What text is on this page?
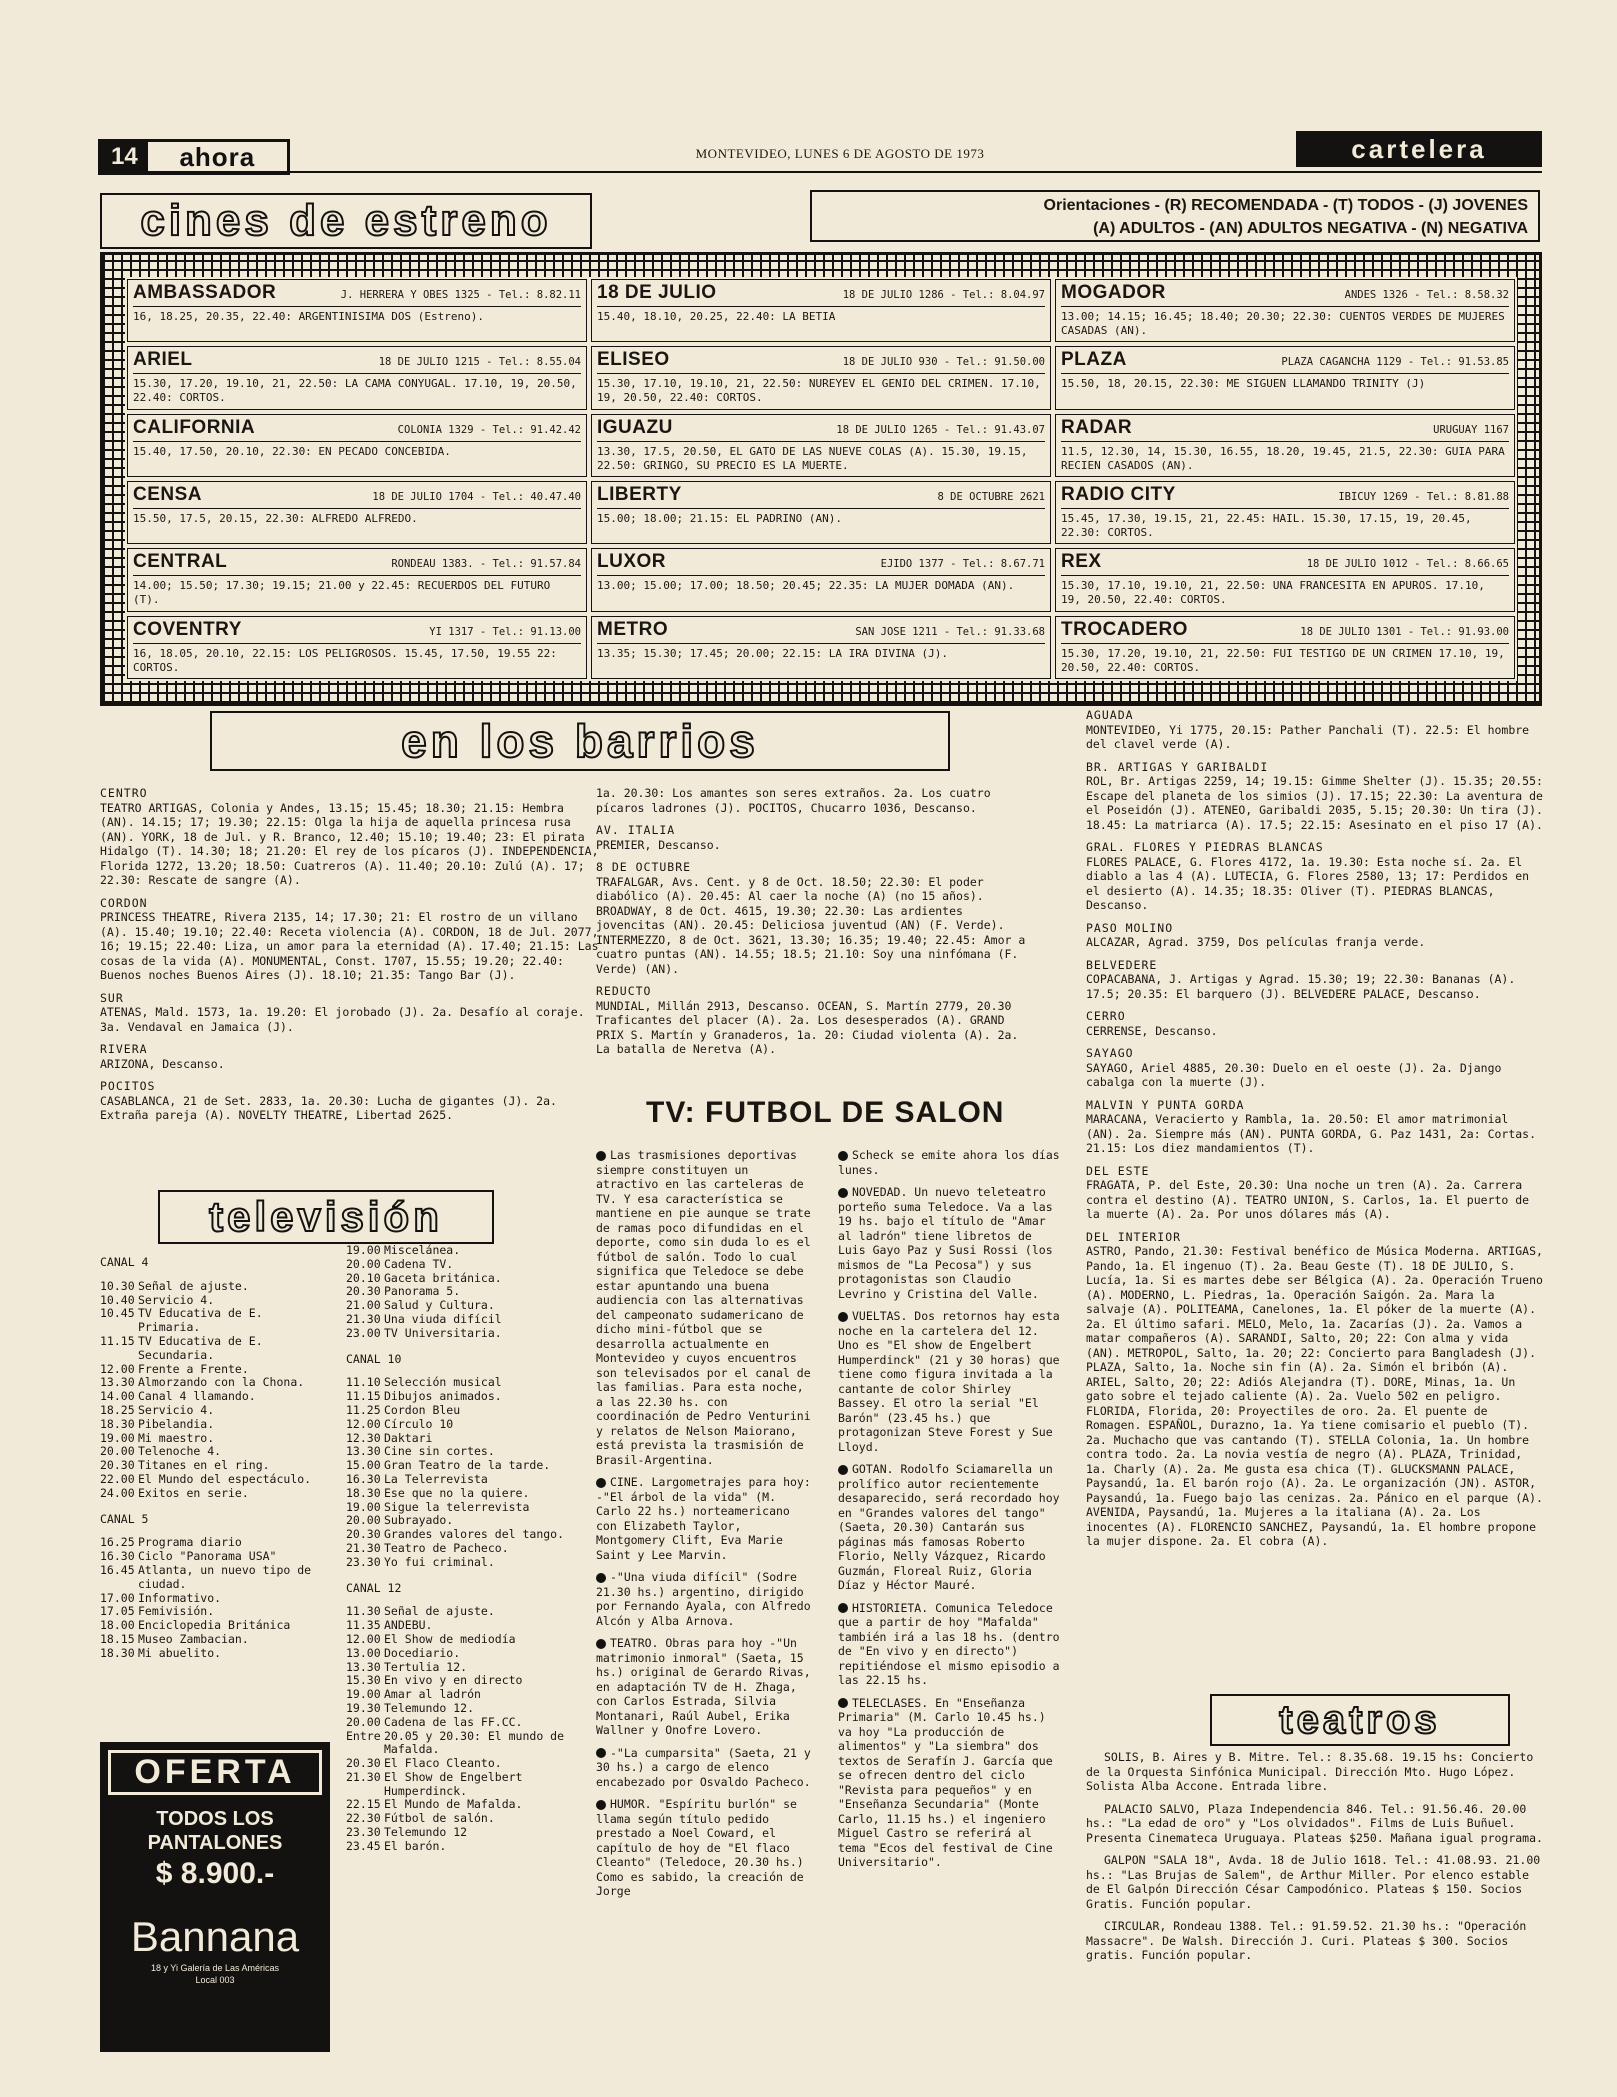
14	ahora	MONTEVIDEO, LUNES 6 DE AGOSTO DE 1973	cartelera
cines de estreno	Orientaciones - (R) RECOMENDADA - (T) TODOS - (J) JOVENES
(A) ADULTOS - (AN) ADULTOS NEGATIVA - (N) NEGATIVA
AMBASSADOR	J. HERRERA Y OBES 1325 - Tel.: 8.82.11
16, 18.25, 20.35, 22.40: ARGENTINISIMA DOS (Estreno).
18 DE JULIO	18 DE JULIO 1286 - Tel.: 8.04.97
15.40, 18.10, 20.25, 22.40: LA BETIA
MOGADOR	ANDES 1326 - Tel.: 8.58.32
13.00; 14.15; 16.45; 18.40; 20.30; 22.30: CUENTOS VERDES DE MUJERES CASADAS (AN).
ARIEL	18 DE JULIO 1215 - Tel.: 8.55.04
15.30, 17.20, 19.10, 21, 22.50: LA CAMA CONYUGAL. 17.10, 19, 20.50, 22.40: CORTOS.
ELISEO	18 DE JULIO 930 - Tel.: 91.50.00
15.30, 17.10, 19.10, 21, 22.50: NUREYEV EL GENIO DEL CRIMEN. 17.10, 19, 20.50, 22.40: CORTOS.
PLAZA	PLAZA CAGANCHA 1129 - Tel.: 91.53.85
15.50, 18, 20.15, 22.30: ME SIGUEN LLAMANDO TRINITY (J)
CALIFORNIA	COLONIA 1329 - Tel.: 91.42.42
15.40, 17.50, 20.10, 22.30: EN PECADO CONCEBIDA.
IGUAZU	18 DE JULIO 1265 - Tel.: 91.43.07
13.30, 17.5, 20.50, EL GATO DE LAS NUEVE COLAS (A). 15.30, 19.15, 22.50: GRINGO, SU PRECIO ES LA MUERTE.
RADAR	URUGUAY 1167
11.5, 12.30, 14, 15.30, 16.55, 18.20, 19.45, 21.5, 22.30: GUIA PARA RECIEN CASADOS (AN).
CENSA	18 DE JULIO 1704 - Tel.: 40.47.40
15.50, 17.5, 20.15, 22.30: ALFREDO ALFREDO.
LIBERTY	8 DE OCTUBRE 2621
15.00; 18.00; 21.15: EL PADRINO (AN).
RADIO CITY	IBICUY 1269 - Tel.: 8.81.88
15.45, 17.30, 19.15, 21, 22.45: HAIL. 15.30, 17.15, 19, 20.45, 22.30: CORTOS.
CENTRAL	RONDEAU 1383. - Tel.: 91.57.84
14.00; 15.50; 17.30; 19.15; 21.00 y 22.45: RECUERDOS DEL FUTURO (T).
LUXOR	EJIDO 1377 - Tel.: 8.67.71
13.00; 15.00; 17.00; 18.50; 20.45; 22.35: LA MUJER DOMADA (AN).
REX	18 DE JULIO 1012 - Tel.: 8.66.65
15.30, 17.10, 19.10, 21, 22.50: UNA FRANCESITA EN APUROS. 17.10, 19, 20.50, 22.40: CORTOS.
COVENTRY	YI 1317 - Tel.: 91.13.00
16, 18.05, 20.10, 22.15: LOS PELIGROSOS. 15.45, 17.50, 19.55 22: CORTOS.
METRO	SAN JOSE 1211 - Tel.: 91.33.68
13.35; 15.30; 17.45; 20.00; 22.15: LA IRA DIVINA (J).
TROCADERO	18 DE JULIO 1301 - Tel.: 91.93.00
15.30, 17.20, 19.10, 21, 22.50: FUI TESTIGO DE UN CRIMEN 17.10, 19, 20.50, 22.40: CORTOS.
en los barrios

CENTRO
TEATRO ARTIGAS, Colonia y Andes, 13.15; 15.45; 18.30; 21.15: Hembra (AN). 14.15; 17; 19.30; 22.15: Olga la hija de aquella princesa rusa (AN). YORK, 18 de Jul. y R. Branco, 12.40; 15.10; 19.40; 23: El pirata Hidalgo (T). 14.30; 18; 21.20: El rey de los pícaros (J). INDEPENDENCIA, Florida 1272, 13.20; 18.50: Cuatreros (A). 11.40; 20.10: Zulú (A). 17; 22.30: Rescate de sangre (A).

CORDON
PRINCESS THEATRE, Rivera 2135, 14; 17.30; 21: El rostro de un villano (A). 15.40; 19.10; 22.40: Receta violencia (A). CORDON, 18 de Jul. 2077, 16; 19.15; 22.40: Liza, un amor para la eternidad (A). 17.40; 21.15: Las cosas de la vida (A). MONUMENTAL, Const. 1707, 15.55; 19.20; 22.40: Buenos noches Buenos Aires (J). 18.10; 21.35: Tango Bar (J).

SUR
ATENAS, Mald. 1573, 1a. 19.20: El jorobado (J). 2a. Desafío al coraje. 3a. Vendaval en Jamaica (J).

RIVERA
ARIZONA, Descanso.

POCITOS
CASABLANCA, 21 de Set. 2833, 1a. 20.30: Lucha de gigantes (J). 2a. Extraña pareja (A). NOVELTY THEATRE, Libertad 2625.

1a. 20.30: Los amantes son seres extraños. 2a. Los cuatro pícaros ladrones (J). POCITOS, Chucarro 1036, Descanso.

AV. ITALIA
PREMIER, Descanso.

8 DE OCTUBRE
TRAFALGAR, Avs. Cent. y 8 de Oct. 18.50; 22.30: El poder diabólico (A). 20.45: Al caer la noche (A) (no 15 años). BROADWAY, 8 de Oct. 4615, 19.30; 22.30: Las ardientes jovencitas (AN). 20.45: Deliciosa juventud (AN) (F. Verde). INTERMEZZO, 8 de Oct. 3621, 13.30; 16.35; 19.40; 22.45: Amor a cuatro puntas (AN). 14.55; 18.5; 21.10: Soy una ninfómana (F. Verde) (AN).

REDUCTO
MUNDIAL, Millán 2913, Descanso. OCEAN, S. Martín 2779, 20.30 Traficantes del placer (A). 2a. Los desesperados (A). GRAND PRIX S. Martín y Granaderos, 1a. 20: Ciudad violenta (A). 2a. La batalla de Neretva (A).

AGUADA
MONTEVIDEO, Yi 1775, 20.15: Pather Panchali (T). 22.5: El hombre del clavel verde (A).

BR. ARTIGAS Y GARIBALDI
ROL, Br. Artigas 2259, 14; 19.15: Gimme Shelter (J). 15.35; 20.55: Escape del planeta de los simios (J). 17.15; 22.30: La aventura de el Poseidón (J). ATENEO, Garibaldi 2035, 5.15; 20.30: Un tira (J). 18.45: La matriarca (A). 17.5; 22.15: Asesinato en el piso 17 (A).

GRAL. FLORES Y PIEDRAS BLANCAS
FLORES PALACE, G. Flores 4172, 1a. 19.30: Esta noche sí. 2a. El diablo a las 4 (A). LUTECIA, G. Flores 2580, 13; 17: Perdidos en el desierto (A). 14.35; 18.35: Oliver (T). PIEDRAS BLANCAS, Descanso.

PASO MOLINO
ALCAZAR, Agrad. 3759, Dos películas franja verde.

BELVEDERE
COPACABANA, J. Artigas y Agrad. 15.30; 19; 22.30: Bananas (A). 17.5; 20.35: El barquero (J). BELVEDERE PALACE, Descanso.

CERRO
CERRENSE, Descanso.

SAYAGO
SAYAGO, Ariel 4885, 20.30: Duelo en el oeste (J). 2a. Django cabalga con la muerte (J).

MALVIN Y PUNTA GORDA
MARACANA, Veracierto y Rambla, 1a. 20.50: El amor matrimonial (AN). 2a. Siempre más (AN). PUNTA GORDA, G. Paz 1431, 2a: Cortas. 21.15: Los diez mandamientos (T).

DEL ESTE
FRAGATA, P. del Este, 20.30: Una noche un tren (A). 2a. Carrera contra el destino (A). TEATRO UNION, S. Carlos, 1a. El puerto de la muerte (A). 2a. Por unos dólares más (A).

DEL INTERIOR
ASTRO, Pando, 21.30: Festival benéfico de Música Moderna. ARTIGAS, Pando, 1a. El ingenuo (T). 2a. Beau Geste (T). 18 DE JULIO, S. Lucía, 1a. Si es martes debe ser Bélgica (A). 2a. Operación Trueno (A). MODERNO, L. Piedras, 1a. Operación Saigón. 2a. Mara la salvaje (A). POLITEAMA, Canelones, 1a. El póker de la muerte (A). 2a. El último safari. MELO, Melo, 1a. Zacarías (J). 2a. Vamos a matar compañeros (A). SARANDI, Salto, 20; 22: Con alma y vida (AN). METROPOL, Salto, 1a. 20; 22: Concierto para Bangladesh (J). PLAZA, Salto, 1a. Noche sin fin (A). 2a. Simón el bribón (A). ARIEL, Salto, 20; 22: Adiós Alejandra (T). DORE, Minas, 1a. Un gato sobre el tejado caliente (A). 2a. Vuelo 502 en peligro. FLORIDA, Florida, 20: Proyectiles de oro. 2a. El puente de Romagen. ESPAÑOL, Durazno, 1a. Ya tiene comisario el pueblo (T). 2a. Muchacho que vas cantando (T). STELLA Colonia, 1a. Un hombre contra todo. 2a. La novia vestía de negro (A). PLAZA, Trinidad, 1a. Charly (A). 2a. Me gusta esa chica (T). GLUCKSMANN PALACE, Paysandú, 1a. El barón rojo (A). 2a. Le organización (JN). ASTOR, Paysandú, 1a. Fuego bajo las cenizas. 2a. Pánico en el parque (A). AVENIDA, Paysandú, 1a. Mujeres a la italiana (A). 2a. Los inocentes (A). FLORENCIO SANCHEZ, Paysandú, 1a. El hombre propone la mujer dispone. 2a. El cobra (A).

TV: FUTBOL DE SALON

Las trasmisiones deportivas siempre constituyen un atractivo en las carteleras de TV. Y esa característica se mantiene en pie aunque se trate de ramas poco difundidas en el deporte, como sin duda lo es el fútbol de salón. Todo lo cual significa que Teledoce se debe estar apuntando una buena audiencia con las alternativas del campeonato sudamericano de dicho mini-fútbol que se desarrolla actualmente en Montevideo y cuyos encuentros son televisados por el canal de las familias. Para esta noche, a las 22.30 hs. con coordinación de Pedro Venturini y relatos de Nelson Maiorano, está prevista la trasmisión de Brasil-Argentina.

CINE. Largometrajes para hoy: -"El árbol de la vida" (M. Carlo 22 hs.) norteamericano con Elizabeth Taylor, Montgomery Clift, Eva Marie Saint y Lee Marvin.

-"Una viuda difícil" (Sodre 21.30 hs.) argentino, dirigido por Fernando Ayala, con Alfredo Alcón y Alba Arnova.

TEATRO. Obras para hoy -"Un matrimonio inmoral" (Saeta, 15 hs.) original de Gerardo Rivas, en adaptación TV de H. Zhaga, con Carlos Estrada, Silvia Montanari, Raúl Aubel, Erika Wallner y Onofre Lovero.

-"La cumparsita" (Saeta, 21 y 30 hs.) a cargo de elenco encabezado por Osvaldo Pacheco.

HUMOR. "Espíritu burlón" se llama según título pedido prestado a Noel Coward, el capítulo de hoy de "El flaco Cleanto" (Teledoce, 20.30 hs.) Como es sabido, la creación de Jorge

Scheck se emite ahora los días lunes.

NOVEDAD. Un nuevo teleteatro porteño suma Teledoce. Va a las 19 hs. bajo el título de "Amar al ladrón" tiene libretos de Luis Gayo Paz y Susi Rossi (los mismos de "La Pecosa") y sus protagonistas son Claudio Levrino y Cristina del Valle.

VUELTAS. Dos retornos hay esta noche en la cartelera del 12. Uno es "El show de Engelbert Humperdinck" (21 y 30 horas) que tiene como figura invitada a la cantante de color Shirley Bassey. El otro la serial "El Barón" (23.45 hs.) que protagonizan Steve Forest y Sue Lloyd.

GOTAN. Rodolfo Sciamarella un prolífico autor recientemente desaparecido, será recordado hoy en "Grandes valores del tango" (Saeta, 20.30) Cantarán sus páginas más famosas Roberto Florio, Nelly Vázquez, Ricardo Guzmán, Floreal Ruiz, Gloria Díaz y Héctor Mauré.

HISTORIETA. Comunica Teledoce que a partir de hoy "Mafalda" también irá a las 18 hs. (dentro de "En vivo y en directo") repitiéndose el mismo episodio a las 22.15 hs.

TELECLASES. En "Enseñanza Primaria" (M. Carlo 10.45 hs.) va hoy "La producción de alimentos" y "La siembra" dos textos de Serafín J. García que se ofrecen dentro del ciclo "Revista para pequeños" y en "Enseñanza Secundaria" (Monte Carlo, 11.15 hs.) el ingeniero Miguel Castro se referirá al tema "Ecos del festival de Cine Universitario".

televisión
CANAL 4
10.30 Señal de ajuste.
10.40 Servicio 4.
10.45 TV Educativa de E. Primaria.
11.15 TV Educativa de E. Secundaria.
12.00 Frente a Frente.
13.30 Almorzando con la Chona.
14.00 Canal 4 llamando.
18.25 Servicio 4.
18.30 Pibelandia.
19.00 Mi maestro.
20.00 Telenoche 4.
20.30 Titanes en el ring.
22.00 El Mundo del espectáculo.
24.00 Exitos en serie.
CANAL 5
16.25 Programa diario
16.30 Ciclo "Panorama USA"
16.45 Atlanta, un nuevo tipo de ciudad.
17.00 Informativo.
17.05 Femivisión.
18.00 Enciclopedia Británica
18.15 Museo Zambacian.
18.30 Mi abuelito.
19.00 Miscelánea.
20.00 Cadena TV.
20.10 Gaceta británica.
20.30 Panorama 5.
21.00 Salud y Cultura.
21.30 Una viuda difícil
23.00 TV Universitaria.
CANAL 10
11.10 Selección musical
11.15 Dibujos animados.
11.25 Cordon Bleu
12.00 Círculo 10
12.30 Daktari
13.30 Cine sin cortes.
15.00 Gran Teatro de la tarde.
16.30 La Telerrevista
18.30 Ese que no la quiere.
19.00 Sigue la telerrevista
20.00 Subrayado.
20.30 Grandes valores del tango.
21.30 Teatro de Pacheco.
23.30 Yo fui criminal.
CANAL 12
11.30 Señal de ajuste.
11.35 ANDEBU.
12.00 El Show de mediodía
13.00 Docediario.
13.30 Tertulia 12.
15.30 En vivo y en directo
19.00 Amar al ladrón
19.30 Telemundo 12.
20.00 Cadena de las FF.CC.
Entre 20.05 y 20.30: El mundo de Mafalda.
20.30 El Flaco Cleanto.
21.30 El Show de Engelbert Humperdinck.
22.15 El Mundo de Mafalda.
22.30 Fútbol de salón.
23.30 Telemundo 12
23.45 El barón.
OFERTA
TODOS LOS
PANTALONES
$ 8.900.-
Bannana
18 y Yi Galería de Las Américas
Local 003
teatros

SOLIS, B. Aires y B. Mitre. Tel.: 8.35.68. 19.15 hs: Concierto de la Orquesta Sinfónica Municipal. Dirección Mto. Hugo López. Solista Alba Accone. Entrada libre.

PALACIO SALVO, Plaza Independencia 846. Tel.: 91.56.46. 20.00 hs.: "La edad de oro" y "Los olvidados". Films de Luis Buñuel. Presenta Cinemateca Uruguaya. Plateas $250. Mañana igual programa.

GALPON "SALA 18", Avda. 18 de Julio 1618. Tel.: 41.08.93. 21.00 hs.: "Las Brujas de Salem", de Arthur Miller. Por elenco estable de El Galpón Dirección César Campodónico. Plateas $ 150. Socios Gratis. Función popular.

CIRCULAR, Rondeau 1388. Tel.: 91.59.52. 21.30 hs.: "Operación Massacre". De Walsh. Dirección J. Curi. Plateas $ 300. Socios gratis. Función popular.
